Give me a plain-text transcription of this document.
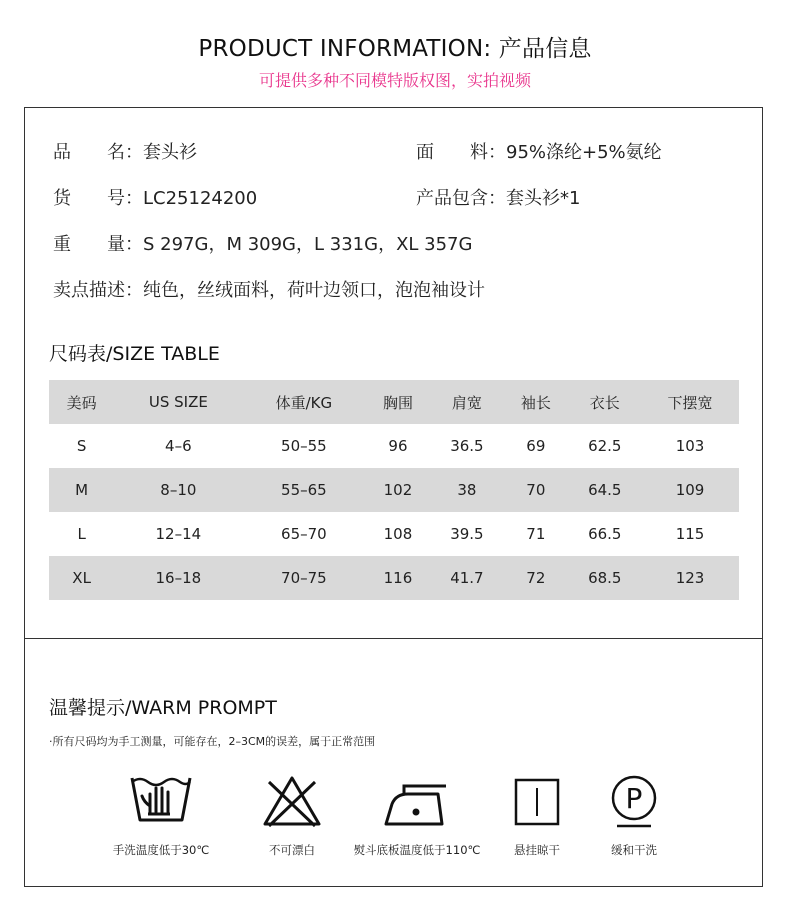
PRODUCT INFORMATION: 产品信息
可提供多种不同模特版权图，实拍视频
品　　名：套头衫	面　　料：95%涤纶+5%氨纶
货　　号：LC25124200	产品包含：套头衫*1
重　　量：S 297G，M 309G，L 331G，XL 357G
卖点描述：纯色，丝绒面料，荷叶边领口，泡泡袖设计
尺码表/SIZE TABLE
美码	US SIZE	体重/KG	胸围	肩宽	袖长	衣长	下摆宽
S	4–6	50–55	96	36.5	69	62.5	103
M	8–10	55–65	102	38	70	64.5	109
L	12–14	65–70	108	39.5	71	66.5	115
XL	16–18	70–75	116	41.7	72	68.5	123
温馨提示/WARM PROMPT
·所有尺码均为手工测量，可能存在，2–3CM的误差，属于正常范围
手洗温度低于30℃	不可漂白	熨斗底板温度低于110℃	悬挂晾干
P
缓和干洗
